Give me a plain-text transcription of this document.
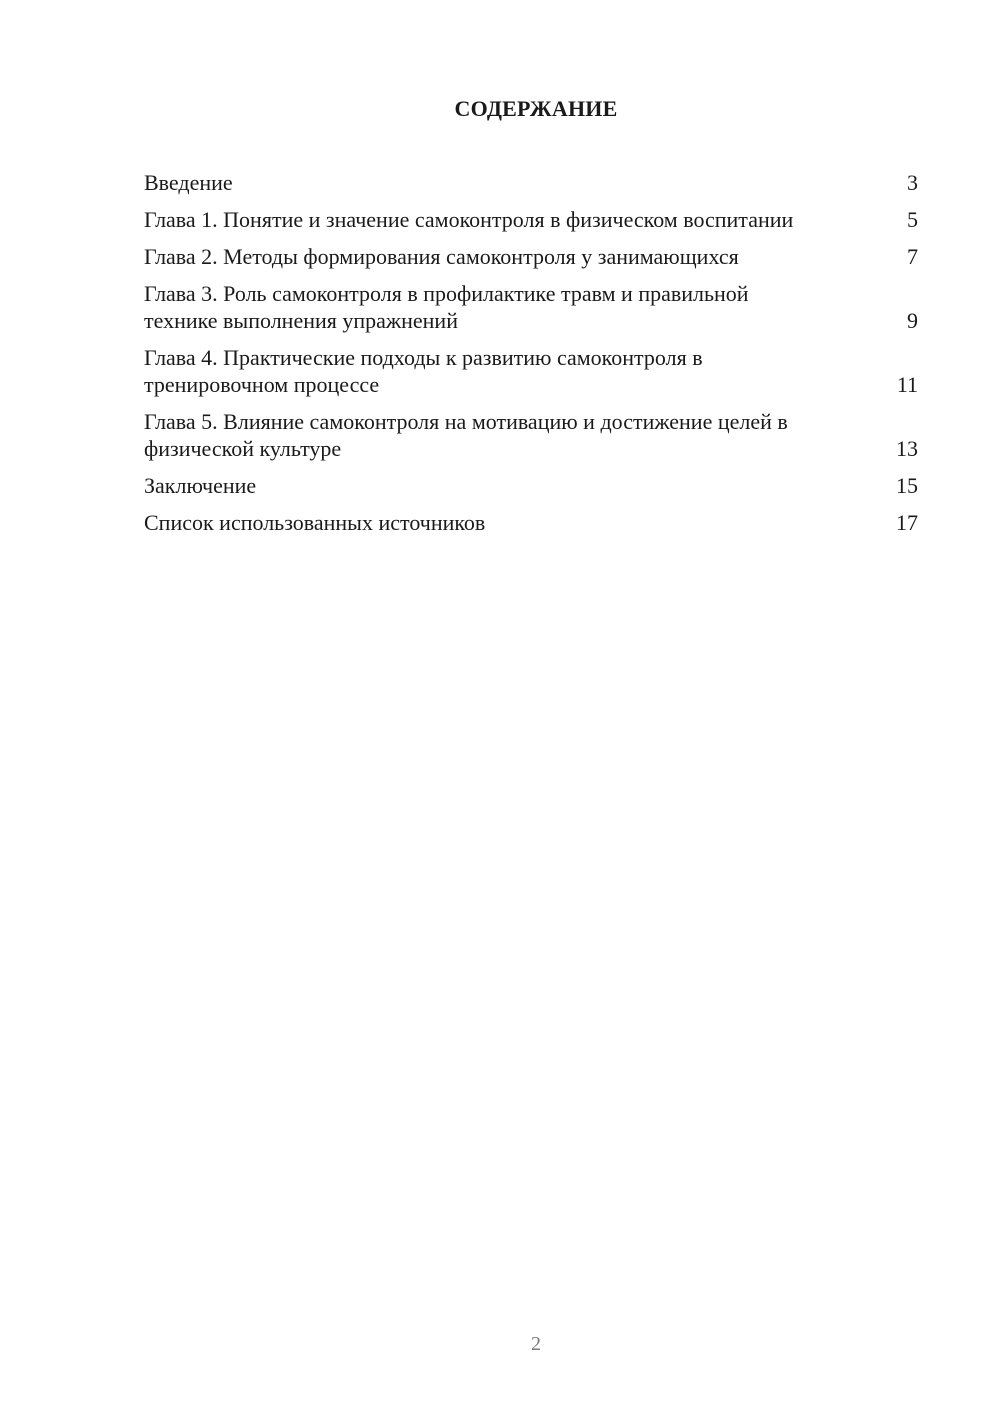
СОДЕРЖАНИЕ
Введение	3
Глава 1. Понятие и значение самоконтроля в физическом воспитании	5
Глава 2. Методы формирования самоконтроля у занимающихся	7
Глава 3. Роль самоконтроля в профилактике травм и правильной технике выполнения упражнений	9
Глава 4. Практические подходы к развитию самоконтроля в тренировочном процессе	11
Глава 5. Влияние самоконтроля на мотивацию и достижение целей в физической культуре	13
Заключение	15
Список использованных источников	17
2
